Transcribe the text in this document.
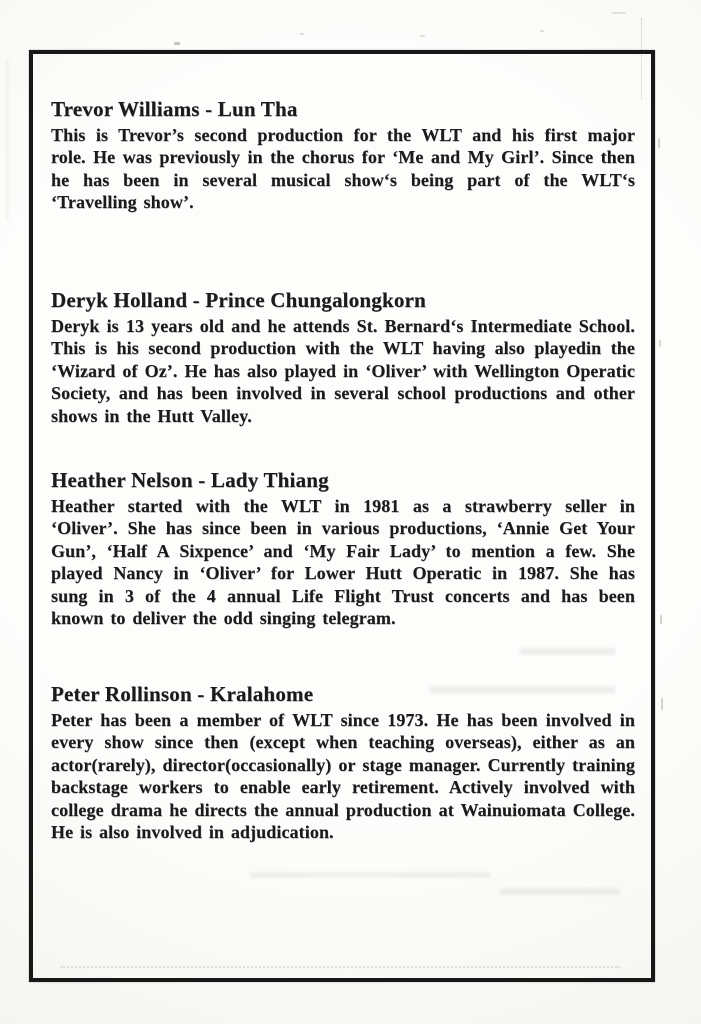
Trevor Williams - Lun Tha

This is Trevor’s second production for the WLT and his first major role. He was previously in the chorus for ‘Me and My Girl’. Since then he has been in several musical show‘s being part of the WLT‘s ‘Travelling show’.

Deryk Holland - Prince Chungalongkorn

Deryk is 13 years old and he attends St. Bernard‘s Intermediate School. This is his second production with the WLT having also playedin the ‘Wizard of Oz’. He has also played in ‘Oliver’ with Wellington Operatic Society, and has been involved in several school productions and other shows in the Hutt Valley.

Heather Nelson - Lady Thiang

Heather started with the WLT in 1981 as a strawberry seller in ‘Oliver’. She has since been in various productions, ‘Annie Get Your Gun’, ‘Half A Sixpence’ and ‘My Fair Lady’ to mention a few. She played Nancy in ‘Oliver’ for Lower Hutt Operatic in 1987. She has sung in 3 of the 4 annual Life Flight Trust concerts and has been known to deliver the odd singing telegram.

Peter Rollinson - Kralahome

Peter has been a member of WLT since 1973. He has been involved in every show since then (except when teaching overseas), either as an actor(rarely), director(occasionally) or stage manager. Currently training backstage workers to enable early retirement. Actively involved with college drama he directs the annual production at Wainuiomata College. He is also involved in adjudication.
